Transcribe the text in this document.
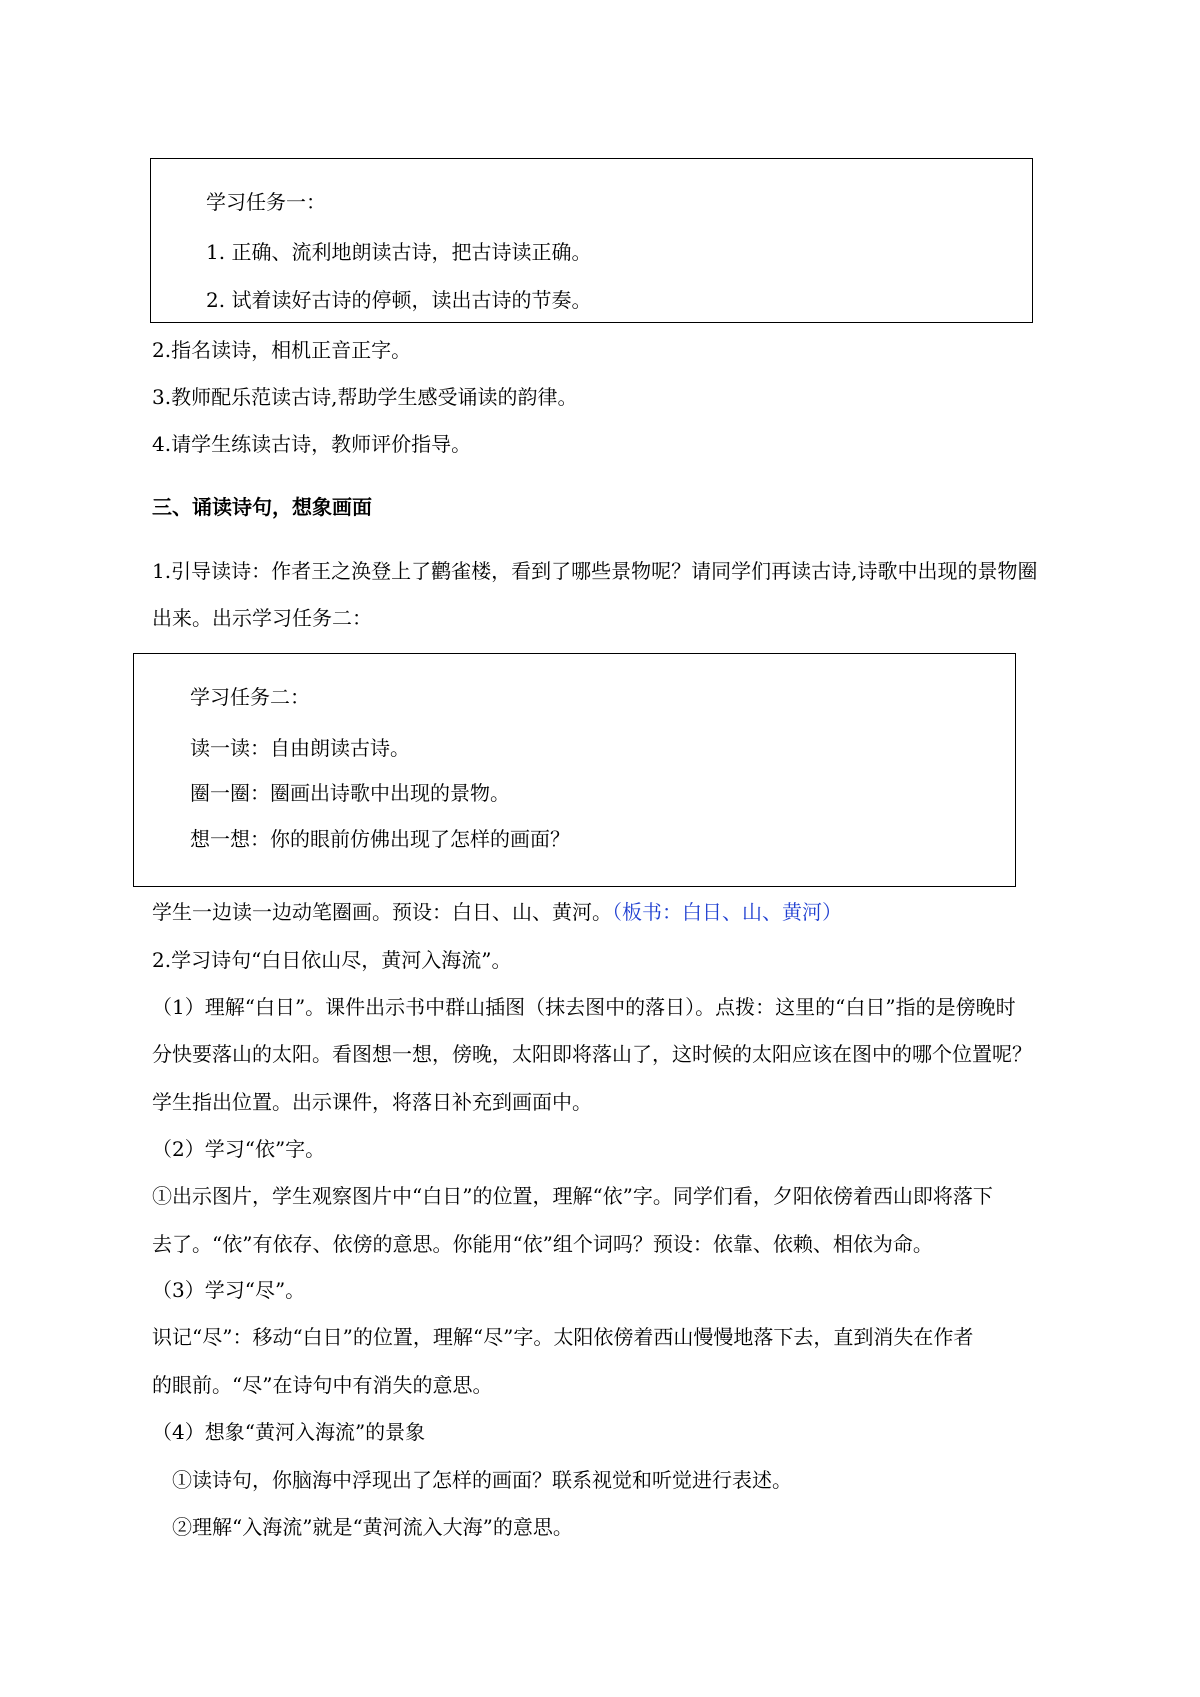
学习任务一：

1. 正确、流利地朗读古诗，把古诗读正确。

2. 试着读好古诗的停顿，读出古诗的节奏。

2.指名读诗，相机正音正字。

3.教师配乐范读古诗,帮助学生感受诵读的韵律。

4.请学生练读古诗，教师评价指导。

三、诵读诗句，想象画面

1.引导读诗：作者王之涣登上了鹳雀楼，看到了哪些景物呢？请同学们再读古诗,诗歌中出现的景物圈

出来。出示学习任务二：

学习任务二：

读一读：自由朗读古诗。

圈一圈：圈画出诗歌中出现的景物。

想一想：你的眼前仿佛出现了怎样的画面？

学生一边读一边动笔圈画。预设：白日、山、黄河。（板书：白日、山、黄河）

2.学习诗句“白日依山尽，黄河入海流”。

（1）理解“白日”。课件出示书中群山插图（抹去图中的落日）。点拨：这里的“白日”指的是傍晚时

分快要落山的太阳。看图想一想，傍晚，太阳即将落山了，这时候的太阳应该在图中的哪个位置呢？

学生指出位置。出示课件，将落日补充到画面中。

（2）学习“依”字。

①出示图片，学生观察图片中“白日”的位置，理解“依”字。同学们看，夕阳依傍着西山即将落下

去了。“依”有依存、依傍的意思。你能用“依”组个词吗？预设：依靠、依赖、相依为命。

（3）学习“尽”。

识记“尽”：移动“白日”的位置，理解“尽”字。太阳依傍着西山慢慢地落下去，直到消失在作者

的眼前。“尽”在诗句中有消失的意思。

（4）想象“黄河入海流”的景象

①读诗句，你脑海中浮现出了怎样的画面？联系视觉和听觉进行表述。

②理解“入海流”就是“黄河流入大海”的意思。
